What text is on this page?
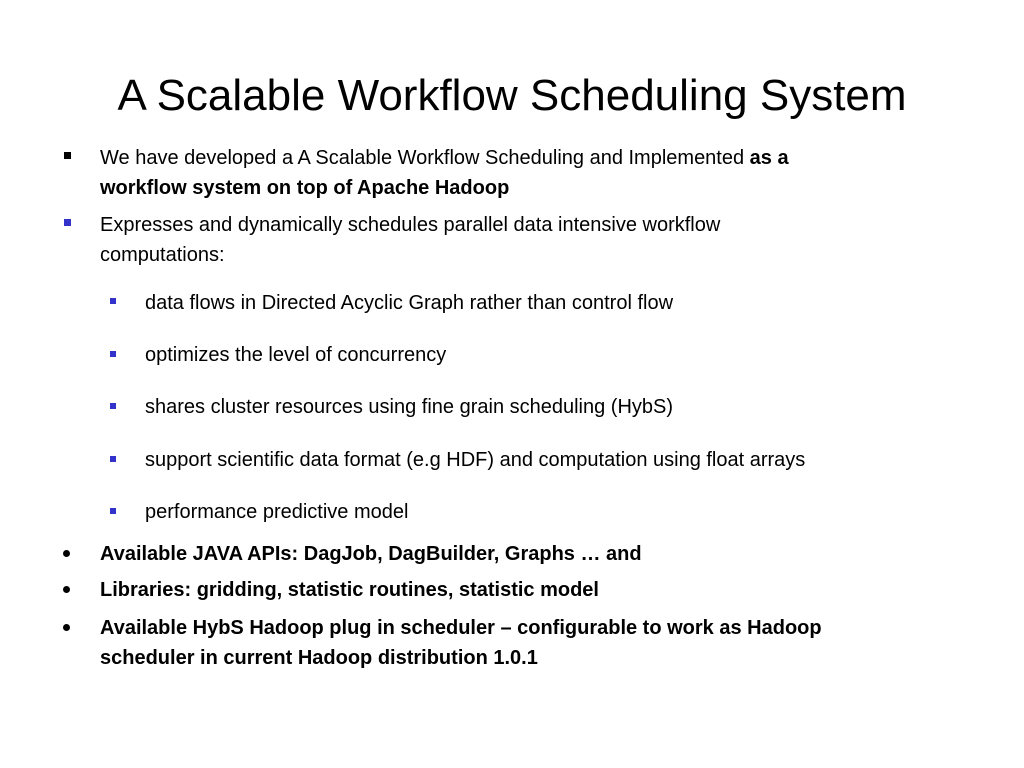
A Scalable Workflow Scheduling System
We have developed a A Scalable Workflow Scheduling and Implemented as a
workflow system on top of Apache Hadoop
Expresses and dynamically schedules parallel data intensive workflow
computations:
data flows in Directed Acyclic Graph rather than control flow
optimizes the level of concurrency
shares cluster resources using fine grain scheduling (HybS)
support scientific data format (e.g HDF) and computation using float arrays
performance predictive model
Available JAVA APIs: DagJob, DagBuilder, Graphs … and
Libraries: gridding, statistic routines, statistic model
Available HybS Hadoop plug in scheduler – configurable to work as Hadoop
scheduler in current Hadoop distribution 1.0.1
